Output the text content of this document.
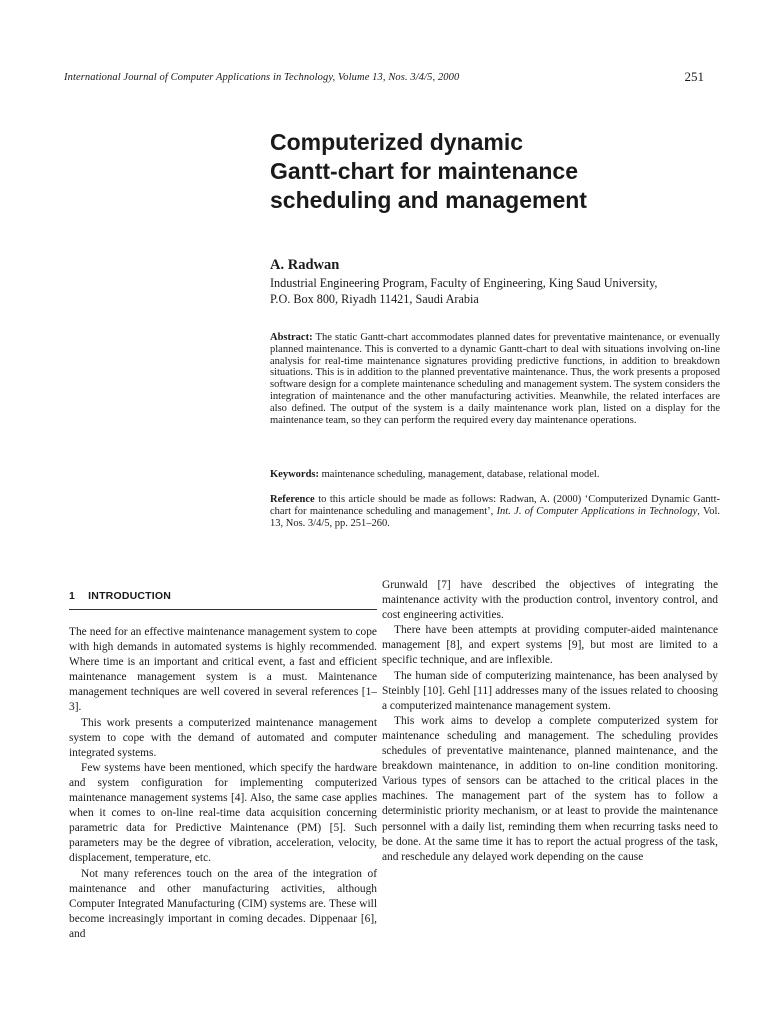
International Journal of Computer Applications in Technology, Volume 13, Nos. 3/4/5, 2000	251
Computerized dynamic
Gantt-chart for maintenance
scheduling and management
A. Radwan
Industrial Engineering Program, Faculty of Engineering, King Saud University,
P.O. Box 800, Riyadh 11421, Saudi Arabia
Abstract: The static Gantt-chart accommodates planned dates for preventative maintenance, or evenually planned maintenance. This is converted to a dynamic Gantt-chart to deal with situations involving on-line analysis for real-time maintenance signatures providing predictive functions, in addition to breakdown situations. This is in addition to the planned preventative maintenance. Thus, the work presents a proposed software design for a complete maintenance scheduling and management system. The system considers the integration of maintenance and the other manufacturing activities. Meanwhile, the related interfaces are also defined. The output of the system is a daily maintenance work plan, listed on a display for the maintenance team, so they can perform the required every day maintenance operations.
Keywords: maintenance scheduling, management, database, relational model.
Reference to this article should be made as follows: Radwan, A. (2000) ‘Computerized Dynamic Gantt-chart for maintenance scheduling and management’, Int. J. of Computer Applications in Technology, Vol. 13, Nos. 3/4/5, pp. 251–260.
1 INTRODUCTION

The need for an effective maintenance management system to cope with high demands in automated systems is highly recommended. Where time is an important and critical event, a fast and efficient maintenance management system is a must. Maintenance management techniques are well covered in several references [1–3].

This work presents a computerized maintenance management system to cope with the demand of automated and computer integrated systems.

Few systems have been mentioned, which specify the hardware and system configuration for implementing computerized maintenance management systems [4]. Also, the same case applies when it comes to on-line real-time data acquisition concerning parametric data for Predictive Maintenance (PM) [5]. Such parameters may be the degree of vibration, acceleration, velocity, displacement, temperature, etc.

Not many references touch on the area of the integration of maintenance and other manufacturing activities, although Computer Integrated Manufacturing (CIM) systems are. These will become increasingly important in coming decades. Dippenaar [6], and

Grunwald [7] have described the objectives of integrating the maintenance activity with the production control, inventory control, and cost engineering activities.

There have been attempts at providing computer-aided maintenance management [8], and expert systems [9], but most are limited to a specific technique, and are inflexible.

The human side of computerizing maintenance, has been analysed by Steinbly [10]. Gehl [11] addresses many of the issues related to choosing a computerized maintenance management system.

This work aims to develop a complete computerized system for maintenance scheduling and management. The scheduling provides schedules of preventative maintenance, planned maintenance, and the breakdown maintenance, in addition to on-line condition monitoring. Various types of sensors can be attached to the critical places in the machines. The management part of the system has to follow a deterministic priority mechanism, or at least to provide the maintenance personnel with a daily list, reminding them when recurring tasks need to be done. At the same time it has to report the actual progress of the task, and reschedule any delayed work depending on the cause
